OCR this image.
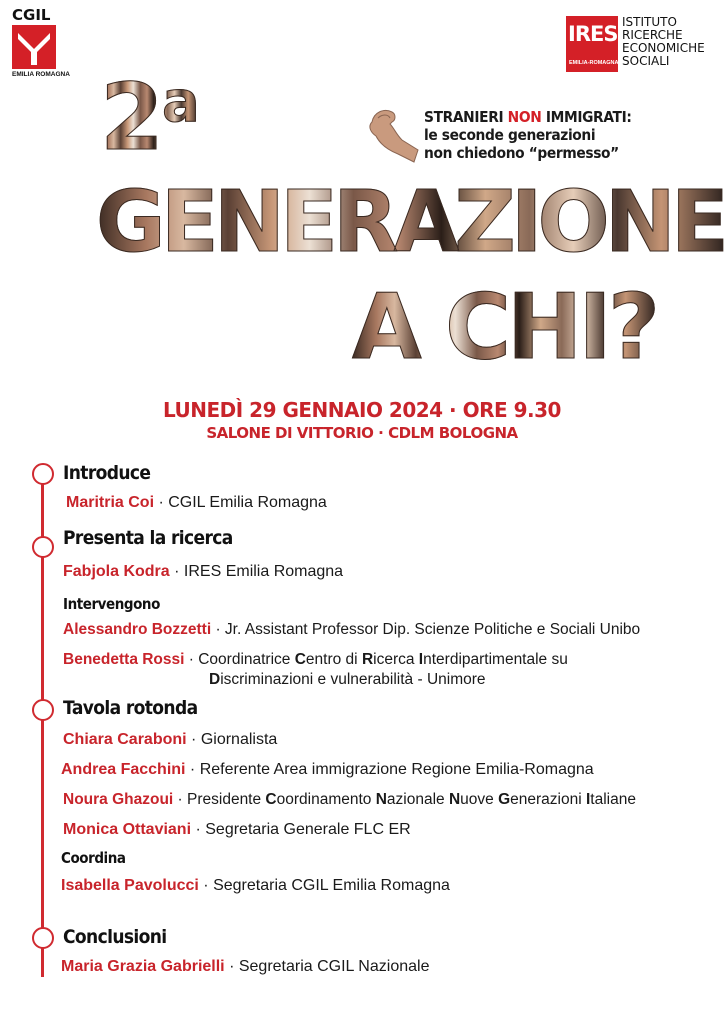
CGIL
EMILIA ROMAGNA
IRES
EMILIA-ROMAGNA
ISTITUTO
RICERCHE
ECONOMICHE
SOCIALI
2$^a$	STRANIERI NON IMMIGRATI:
le seconde generazioni
non chiedono “permesso”
GENERAZIONE
A CHI?
LUNEDÌ 29 GENNAIO 2024 · ORE 9.30
SALONE DI VITTORIO · CDLM BOLOGNA
Introduce
Maritria Coi · CGIL Emilia Romagna
Presenta la ricerca
Fabjola Kodra · IRES Emilia Romagna
Intervengono
Alessandro Bozzetti · Jr. Assistant Professor Dip. Scienze Politiche e Sociali Unibo
Benedetta Rossi · Coordinatrice Centro di Ricerca Interdipartimentale su
Discriminazioni e vulnerabilità - Unimore
Tavola rotonda
Chiara Caraboni · Giornalista
Andrea Facchini · Referente Area immigrazione Regione Emilia-Romagna
Noura Ghazoui · Presidente Coordinamento Nazionale Nuove Generazioni Italiane
Monica Ottaviani · Segretaria Generale FLC ER
Coordina
Isabella Pavolucci · Segretaria CGIL Emilia Romagna
Conclusioni
Maria Grazia Gabrielli · Segretaria CGIL Nazionale
